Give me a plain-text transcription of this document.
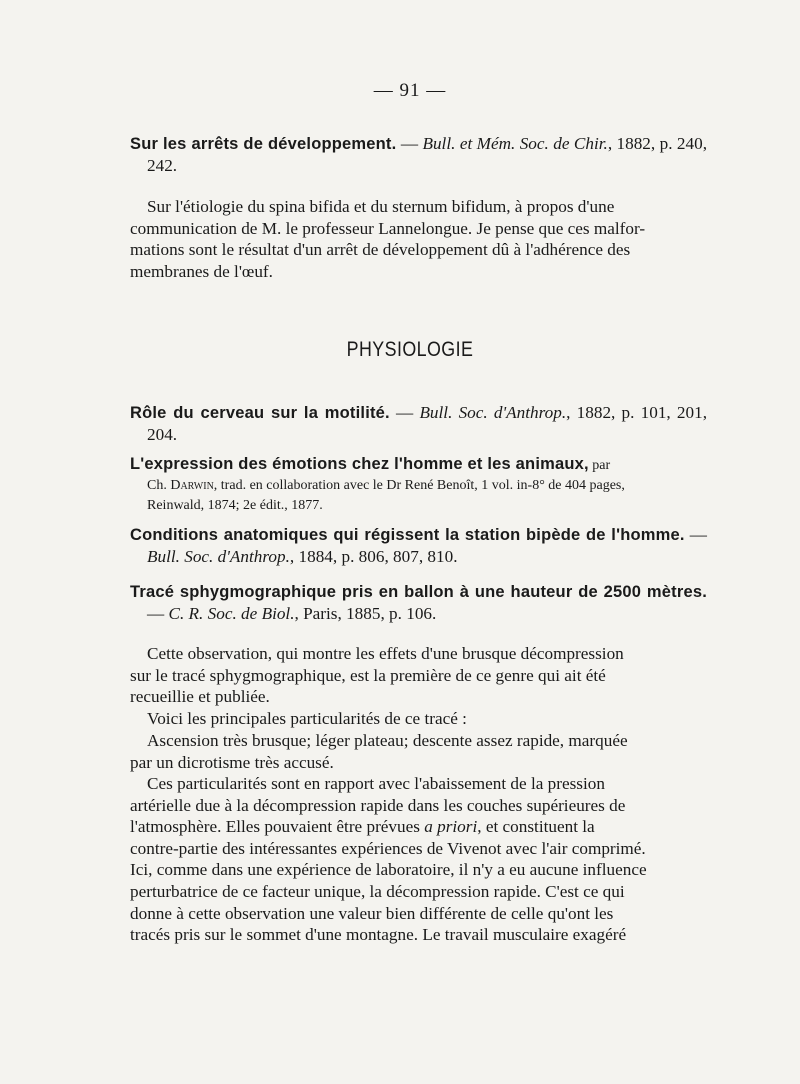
— 91 —
Sur les arrêts de développement. — Bull. et Mém. Soc. de Chir., 1882, p. 240, 242.
Sur l'étiologie du spina bifida et du sternum bifidum, à propos d'une
communication de M. le professeur Lannelongue. Je pense que ces malfor-
mations sont le résultat d'un arrêt de développement dû à l'adhérence des
membranes de l'œuf.
PHYSIOLOGIE
Rôle du cerveau sur la motilité. — Bull. Soc. d'Anthrop., 1882, p. 101, 201, 204.
L'expression des émotions chez l'homme et les animaux, par
Ch. Darwin, trad. en collaboration avec le Dr René Benoît, 1 vol. in-8° de 404 pages,
Reinwald, 1874; 2e édit., 1877.
Conditions anatomiques qui régissent la station bipède de l'homme. — Bull. Soc. d'Anthrop., 1884, p. 806, 807, 810.
Tracé sphygmographique pris en ballon à une hauteur de 2500 mètres. — C. R. Soc. de Biol., Paris, 1885, p. 106.
Cette observation, qui montre les effets d'une brusque décompression
sur le tracé sphygmographique, est la première de ce genre qui ait été
recueillie et publiée.
Voici les principales particularités de ce tracé :
Ascension très brusque; léger plateau; descente assez rapide, marquée
par un dicrotisme très accusé.
Ces particularités sont en rapport avec l'abaissement de la pression
artérielle due à la décompression rapide dans les couches supérieures de
l'atmosphère. Elles pouvaient être prévues a priori, et constituent la
contre-partie des intéressantes expériences de Vivenot avec l'air comprimé.
Ici, comme dans une expérience de laboratoire, il n'y a eu aucune influence
perturbatrice de ce facteur unique, la décompression rapide. C'est ce qui
donne à cette observation une valeur bien différente de celle qu'ont les
tracés pris sur le sommet d'une montagne. Le travail musculaire exagéré
